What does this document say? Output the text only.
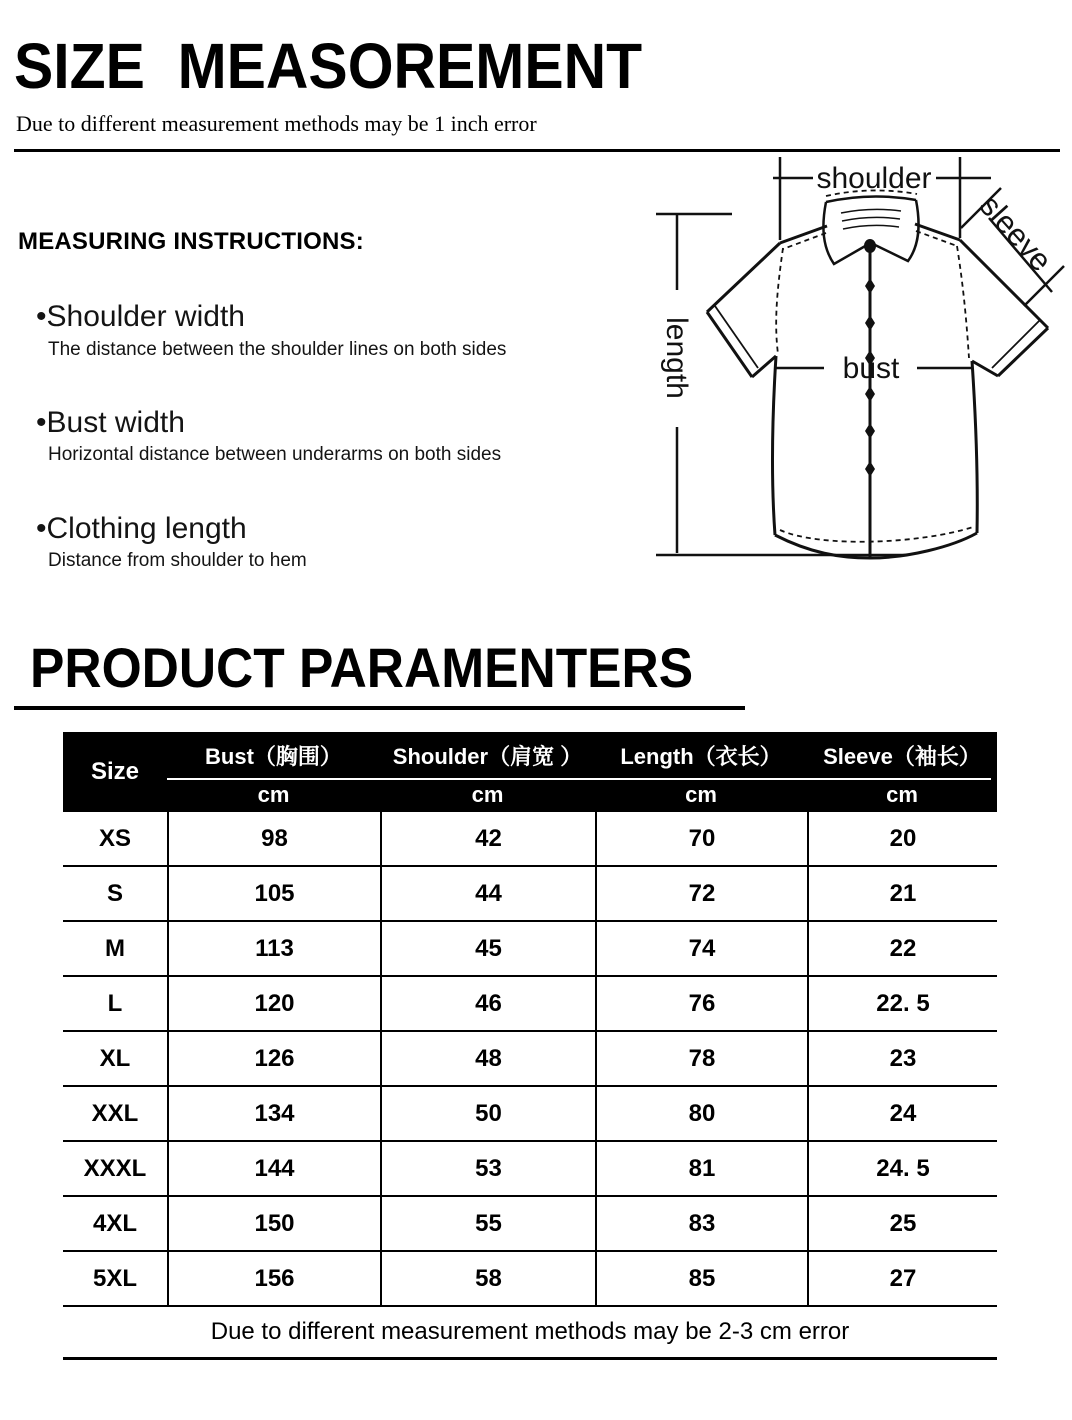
SIZE  MEASOREMENT
Due to different measurement methods may be 1 inch error
MEASURING INSTRUCTIONS:
•Shoulder width
The distance between the shoulder lines on both sides
•Bust width
Horizontal distance between underarms on both sides
•Clothing length
Distance from shoulder to hem
shoulder
sleeve
length	bust
PRODUCT PARAMENTERS
Size
Bust（胸围）	Shoulder（肩宽 ）	Length（衣长）	Sleeve（袖长）
cm	cm	cm	cm
XS	98	42	70	20
S	105	44	72	21
M	113	45	74	22
L	120	46	76	22. 5
XL	126	48	78	23
XXL	134	50	80	24
XXXL	144	53	81	24. 5
4XL	150	55	83	25
5XL	156	58	85	27
Due to different measurement methods may be 2-3 cm error
